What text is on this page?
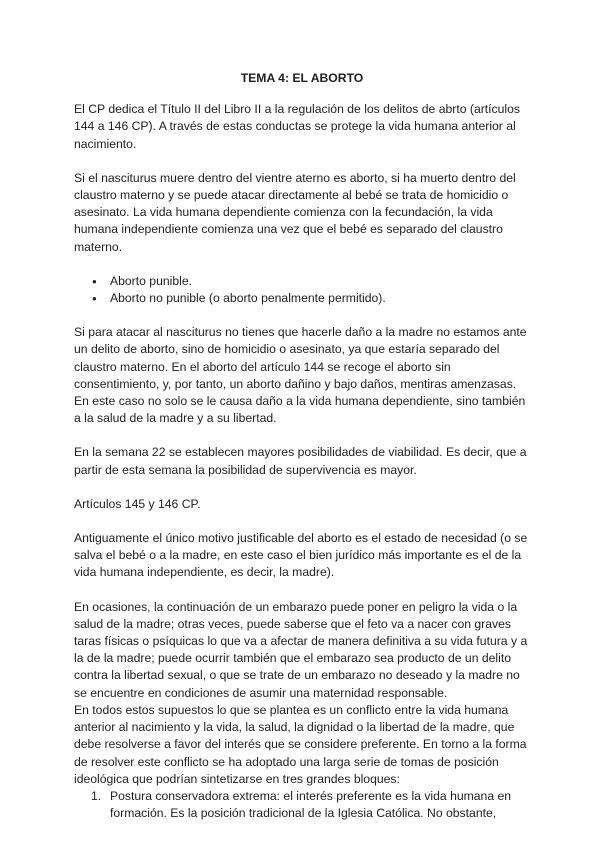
TEMA 4: EL ABORTO

El CP dedica el Título II del Libro II a la regulación de los delitos de abrto (artículos 144 a 146 CP). A través de estas conductas se protege la vida humana anterior al nacimiento.

Si el nasciturus muere dentro del vientre aterno es aborto, si ha muerto dentro del claustro materno y se puede atacar directamente al bebé se trata de homicidio o asesinato. La vida humana dependiente comienza con la fecundación, la vida humana independiente comienza una vez que el bebé es separado del claustro materno.

● Aborto punible.
● Aborto no punible (o aborto penalmente permitido).

Si para atacar al nasciturus no tienes que hacerle daño a la madre no estamos ante un delito de aborto, sino de homicidio o asesinato, ya que estaría separado del claustro materno. En el aborto del artículo 144 se recoge el aborto sin consentimiento, y, por tanto, un aborto dañino y bajo daños, mentiras amenzasas. En este caso no solo se le causa daño a la vida humana dependiente, sino también a la salud de la madre y a su libertad.

En la semana 22 se establecen mayores posibilidades de viabilidad. Es decir, que a partir de esta semana la posibilidad de supervivencia es mayor.

Artículos 145 y 146 CP.

Antiguamente el único motivo justificable del aborto es el estado de necesidad (o se salva el bebé o a la madre, en este caso el bien jurídico más importante es el de la vida humana independiente, es decir, la madre).

En ocasiones, la continuación de un embarazo puede poner en peligro la vida o la salud de la madre; otras veces, puede saberse que el feto va a nacer con graves taras físicas o psíquicas lo que va a afectar de manera definitiva a su vida futura y a la de la madre; puede ocurrir también que el embarazo sea producto de un delito contra la libertad sexual, o que se trate de un embarazo no deseado y la madre no se encuentre en condiciones de asumir una maternidad responsable.

En todos estos supuestos lo que se plantea es un conflicto entre la vida humana anterior al nacimiento y la vida, la salud, la dignidad o la libertad de la madre, que debe resolverse a favor del interés que se considere preferente. En torno a la forma de resolver este conflicto se ha adoptado una larga serie de tomas de posición ideológica que podrían sintetizarse en tres grandes bloques:

1. Postura conservadora extrema: el interés preferente es la vida humana en formación. Es la posición tradicional de la Iglesia Católica. No obstante,
